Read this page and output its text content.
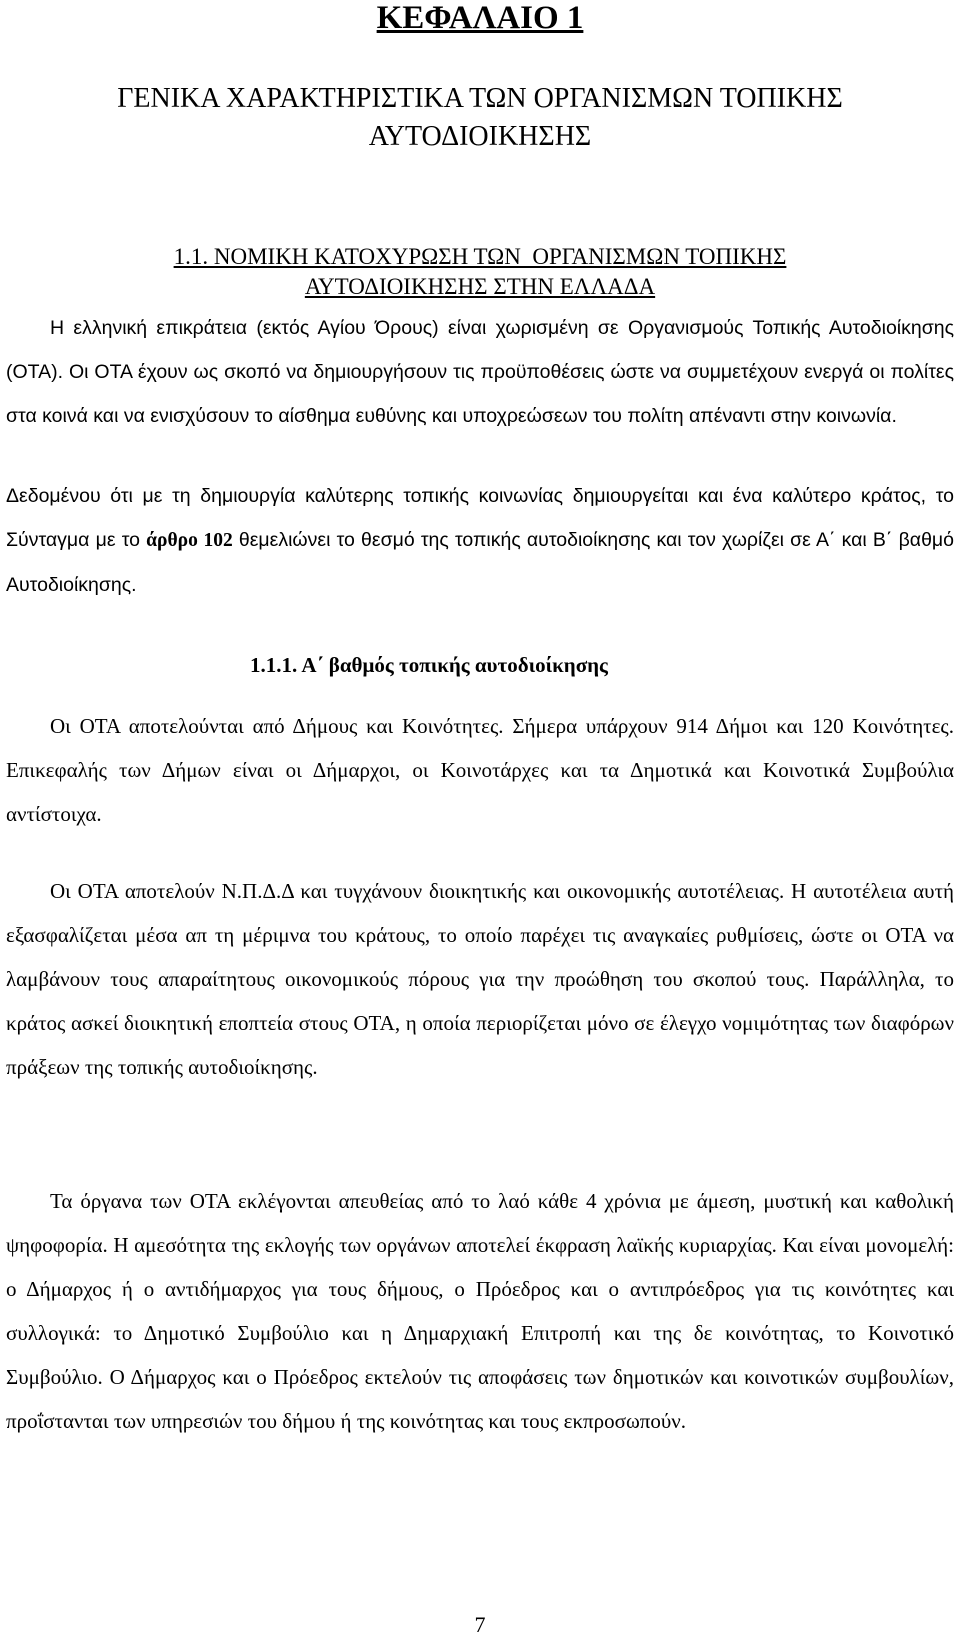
ΚΕΦΑΛΑΙΟ 1
ΓΕΝΙΚΑ ΧΑΡΑΚΤΗΡΙΣΤΙΚΑ ΤΩΝ ΟΡΓΑΝΙΣΜΩΝ ΤΟΠΙΚΗΣ
ΑΥΤΟΔΙΟΙΚΗΣΗΣ
1.1. ΝΟΜΙΚΗ ΚΑΤΟΧΥΡΩΣΗ ΤΩΝ  ΟΡΓΑΝΙΣΜΩΝ ΤΟΠΙΚΗΣ
ΑΥΤΟΔΙΟΙΚΗΣΗΣ ΣΤΗΝ ΕΛΛΑΔΑ
Η ελληνική επικράτεια (εκτός Αγίου Όρους) είναι χωρισμένη σε Οργανισμούς Τοπικής Αυτοδιοίκησης (ΟΤΑ). Οι ΟΤΑ έχουν ως σκοπό να δημιουργήσουν τις προϋποθέσεις ώστε να συμμετέχουν ενεργά οι πολίτες στα κοινά και να ενισχύσουν το αίσθημα ευθύνης και υποχρεώσεων του πολίτη απέναντι στην κοινωνία.
Δεδομένου ότι με τη δημιουργία καλύτερης τοπικής κοινωνίας δημιουργείται και ένα καλύτερο κράτος, το Σύνταγμα με το άρθρο 102 θεμελιώνει το θεσμό της τοπικής αυτοδιοίκησης και τον χωρίζει σε Α΄ και Β΄ βαθμό Αυτοδιοίκησης.
1.1.1. Α΄ βαθμός τοπικής αυτοδιοίκησης
Οι ΟΤΑ αποτελούνται από Δήμους και Κοινότητες. Σήμερα υπάρχουν 914 Δήμοι και 120 Κοινότητες. Επικεφαλής των Δήμων είναι οι Δήμαρχοι, οι Κοινοτάρχες και τα Δημοτικά και Κοινοτικά Συμβούλια αντίστοιχα.
Οι ΟΤΑ αποτελούν Ν.Π.Δ.Δ και τυγχάνουν διοικητικής και οικονομικής αυτοτέλειας. Η αυτοτέλεια αυτή εξασφαλίζεται μέσα απ τη μέριμνα του κράτους, το οποίο παρέχει τις αναγκαίες ρυθμίσεις, ώστε οι ΟΤΑ να λαμβάνουν τους απαραίτητους οικονομικούς πόρους για την προώθηση του σκοπού τους. Παράλληλα, το κράτος ασκεί διοικητική εποπτεία στους ΟΤΑ, η οποία περιορίζεται μόνο σε έλεγχο νομιμότητας των διαφόρων πράξεων της τοπικής αυτοδιοίκησης.
Τα όργανα των ΟΤΑ εκλέγονται απευθείας από το λαό κάθε 4 χρόνια με άμεση, μυστική και καθολική ψηφοφορία. Η αμεσότητα της εκλογής των οργάνων αποτελεί έκφραση λαϊκής κυριαρχίας. Και είναι μονομελή: ο Δήμαρχος ή ο αντιδήμαρχος για τους δήμους, ο Πρόεδρος και ο αντιπρόεδρος για τις κοινότητες και συλλογικά: το Δημοτικό Συμβούλιο και η Δημαρχιακή Επιτροπή και της δε κοινότητας, το Κοινοτικό Συμβούλιο. Ο Δήμαρχος και ο Πρόεδρος εκτελούν τις αποφάσεις των δημοτικών και κοινοτικών συμβουλίων, προΐστανται των υπηρεσιών του δήμου ή της κοινότητας και τους εκπροσωπούν.
7
